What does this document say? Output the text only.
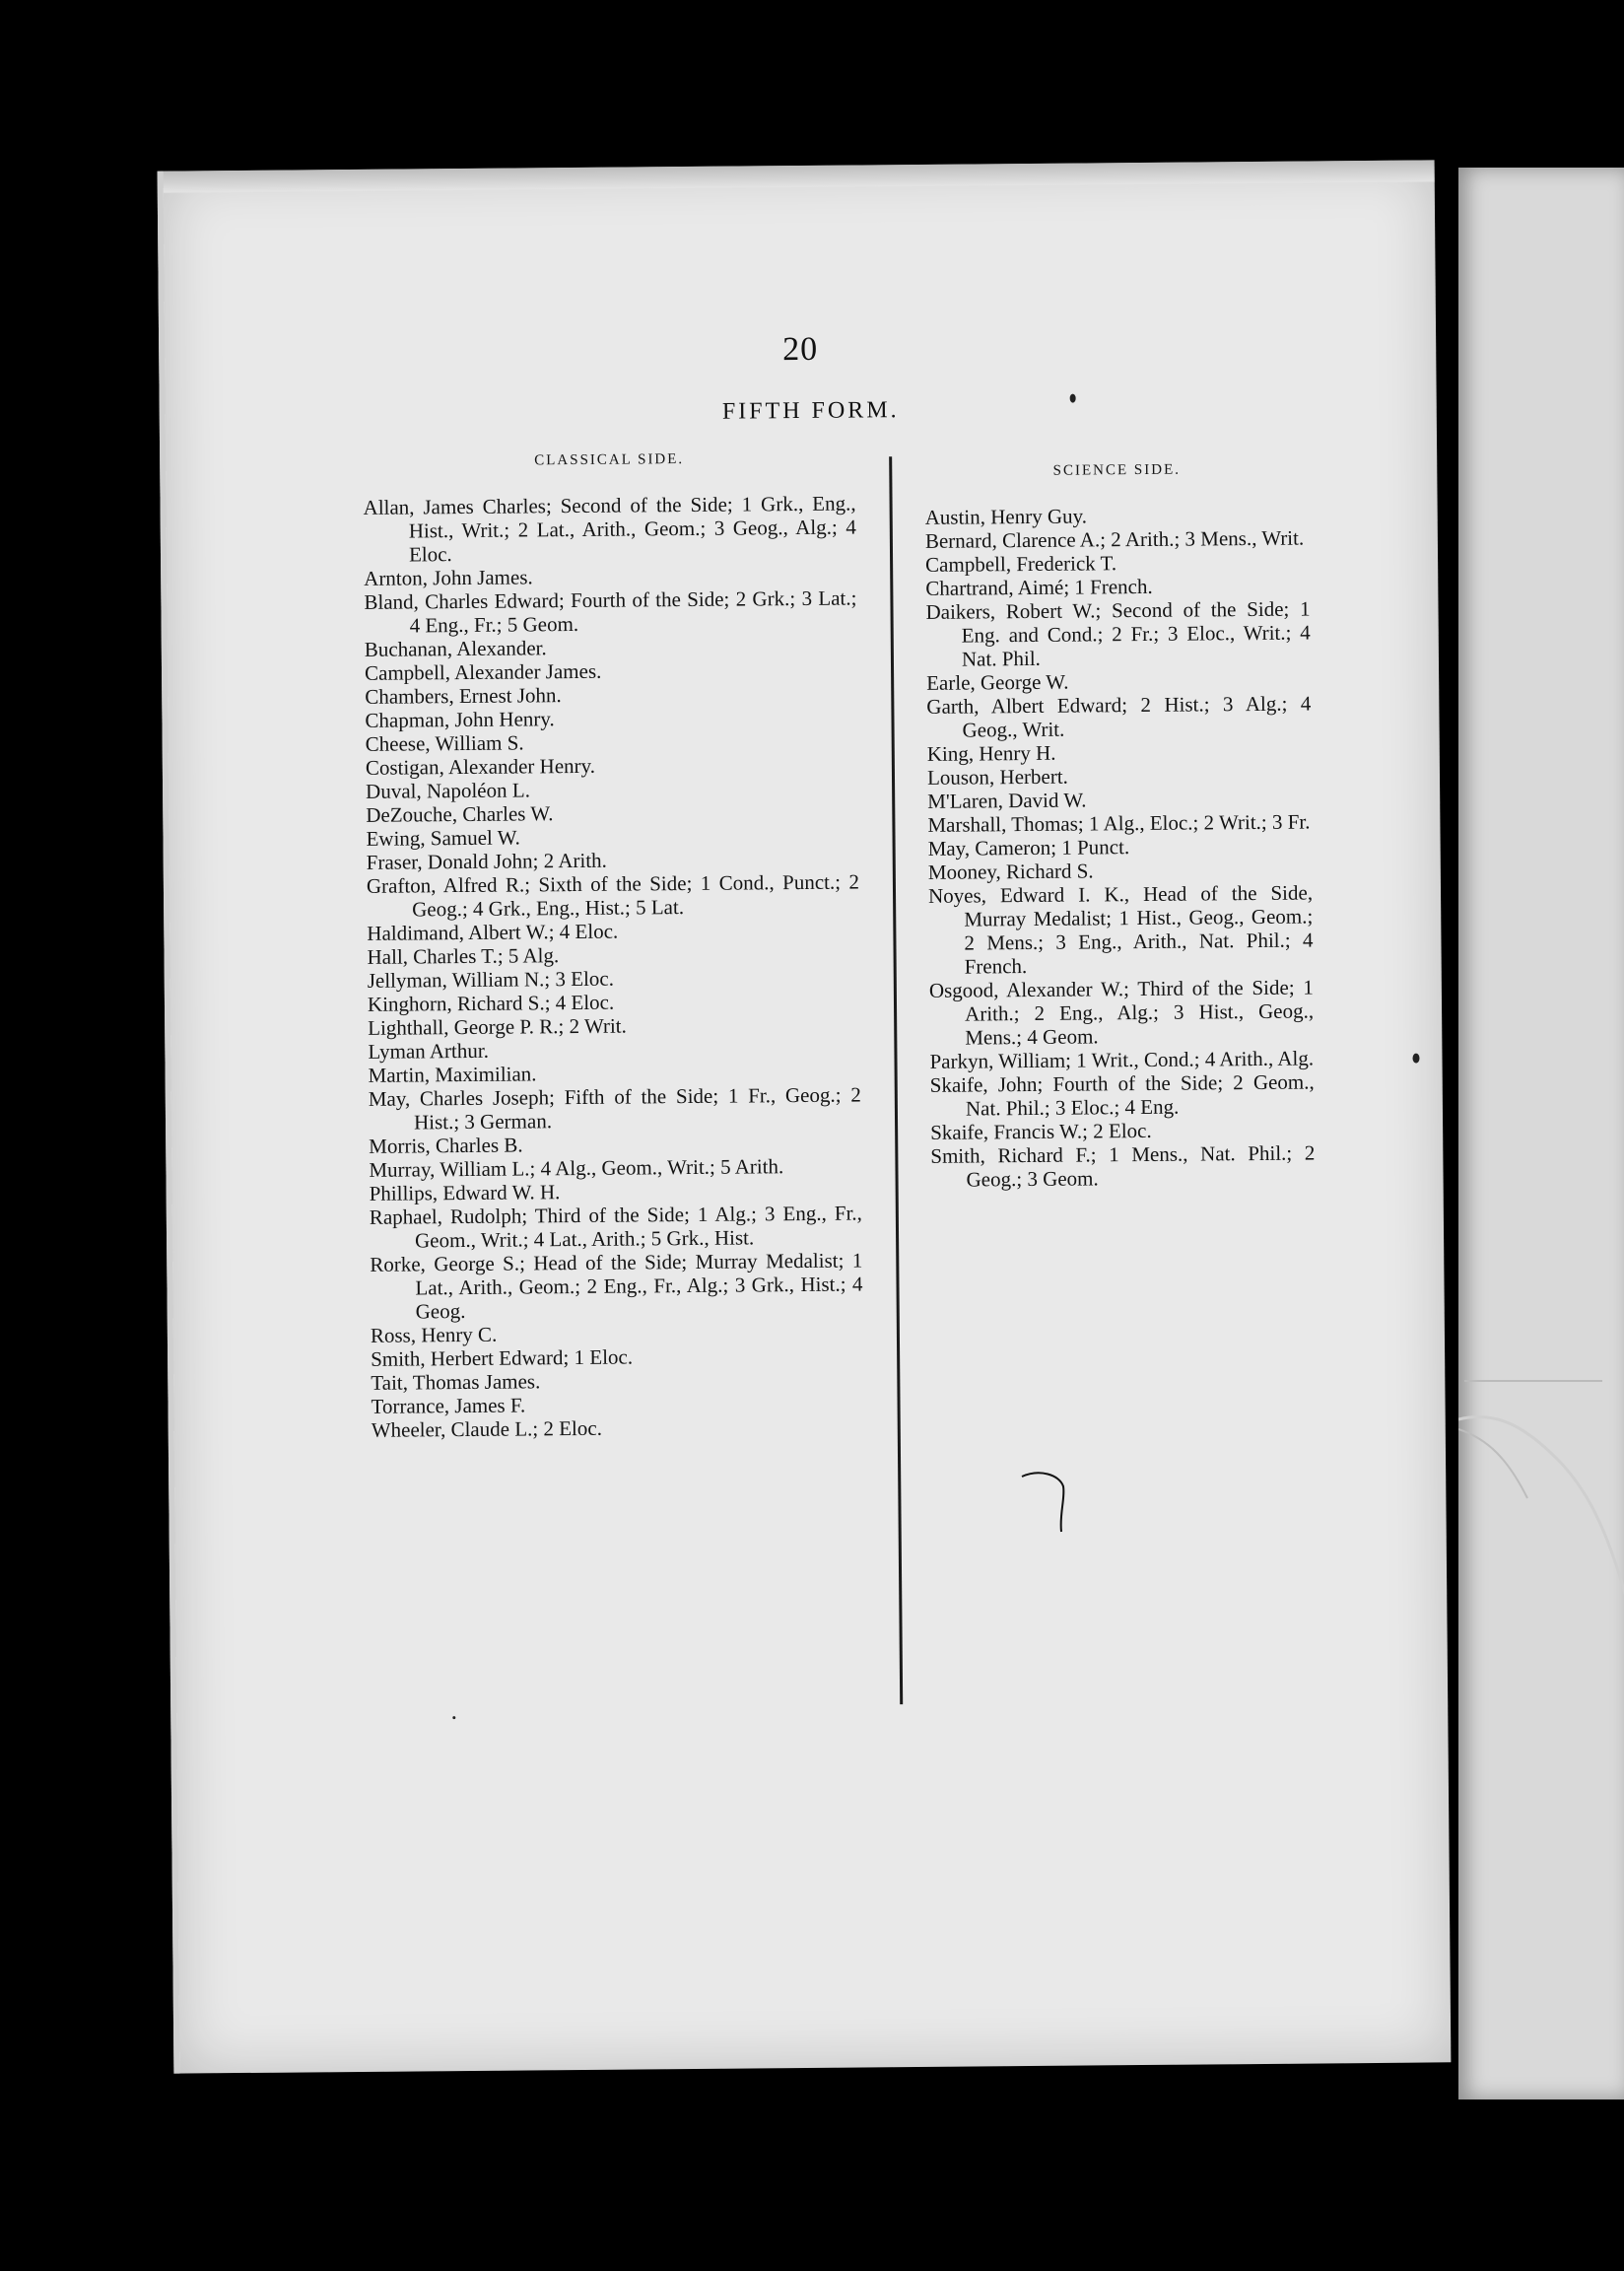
20
FIFTH FORM.
CLASSICAL SIDE.

Allan, James Charles; Second of the Side; 1 Grk., Eng., Hist., Writ.; 2 Lat., Arith., Geom.; 3 Geog., Alg.; 4 Eloc.

Arnton, John James.

Bland, Charles Edward; Fourth of the Side; 2 Grk.; 3 Lat.; 4 Eng., Fr.; 5 Geom.

Buchanan, Alexander.

Campbell, Alexander James.

Chambers, Ernest John.

Chapman, John Henry.

Cheese, William S.

Costigan, Alexander Henry.

Duval, Napoléon L.

DeZouche, Charles W.

Ewing, Samuel W.

Fraser, Donald John; 2 Arith.

Grafton, Alfred R.; Sixth of the Side; 1 Cond., Punct.; 2 Geog.; 4 Grk., Eng., Hist.; 5 Lat.

Haldimand, Albert W.; 4 Eloc.

Hall, Charles T.; 5 Alg.

Jellyman, William N.; 3 Eloc.

Kinghorn, Richard S.; 4 Eloc.

Lighthall, George P. R.; 2 Writ.

Lyman Arthur.

Martin, Maximilian.

May, Charles Joseph; Fifth of the Side; 1 Fr., Geog.; 2 Hist.; 3 German.

Morris, Charles B.

Murray, William L.; 4 Alg., Geom., Writ.; 5 Arith.

Phillips, Edward W. H.

Raphael, Rudolph; Third of the Side; 1 Alg.; 3 Eng., Fr., Geom., Writ.; 4 Lat., Arith.; 5 Grk., Hist.

Rorke, George S.; Head of the Side; Murray Medalist; 1 Lat., Arith., Geom.; 2 Eng., Fr., Alg.; 3 Grk., Hist.; 4 Geog.

Ross, Henry C.

Smith, Herbert Edward; 1 Eloc.

Tait, Thomas James.

Torrance, James F.

Wheeler, Claude L.; 2 Eloc.

SCIENCE SIDE.

Austin, Henry Guy.

Bernard, Clarence A.; 2 Arith.; 3 Mens., Writ.

Campbell, Frederick T.

Chartrand, Aimé; 1 French.

Daikers, Robert W.; Second of the Side; 1 Eng. and Cond.; 2 Fr.; 3 Eloc., Writ.; 4 Nat. Phil.

Earle, George W.

Garth, Albert Edward; 2 Hist.; 3 Alg.; 4 Geog., Writ.

King, Henry H.

Louson, Herbert.

M'Laren, David W.

Marshall, Thomas; 1 Alg., Eloc.; 2 Writ.; 3 Fr.

May, Cameron; 1 Punct.

Mooney, Richard S.

Noyes, Edward I. K., Head of the Side, Murray Medalist; 1 Hist., Geog., Geom.; 2 Mens.; 3 Eng., Arith., Nat. Phil.; 4 French.

Osgood, Alexander W.; Third of the Side; 1 Arith.; 2 Eng., Alg.; 3 Hist., Geog., Mens.; 4 Geom.

Parkyn, William; 1 Writ., Cond.; 4 Arith., Alg.

Skaife, John; Fourth of the Side; 2 Geom., Nat. Phil.; 3 Eloc.; 4 Eng.

Skaife, Francis W.; 2 Eloc.

Smith, Richard F.; 1 Mens., Nat. Phil.; 2 Geog.; 3 Geom.
